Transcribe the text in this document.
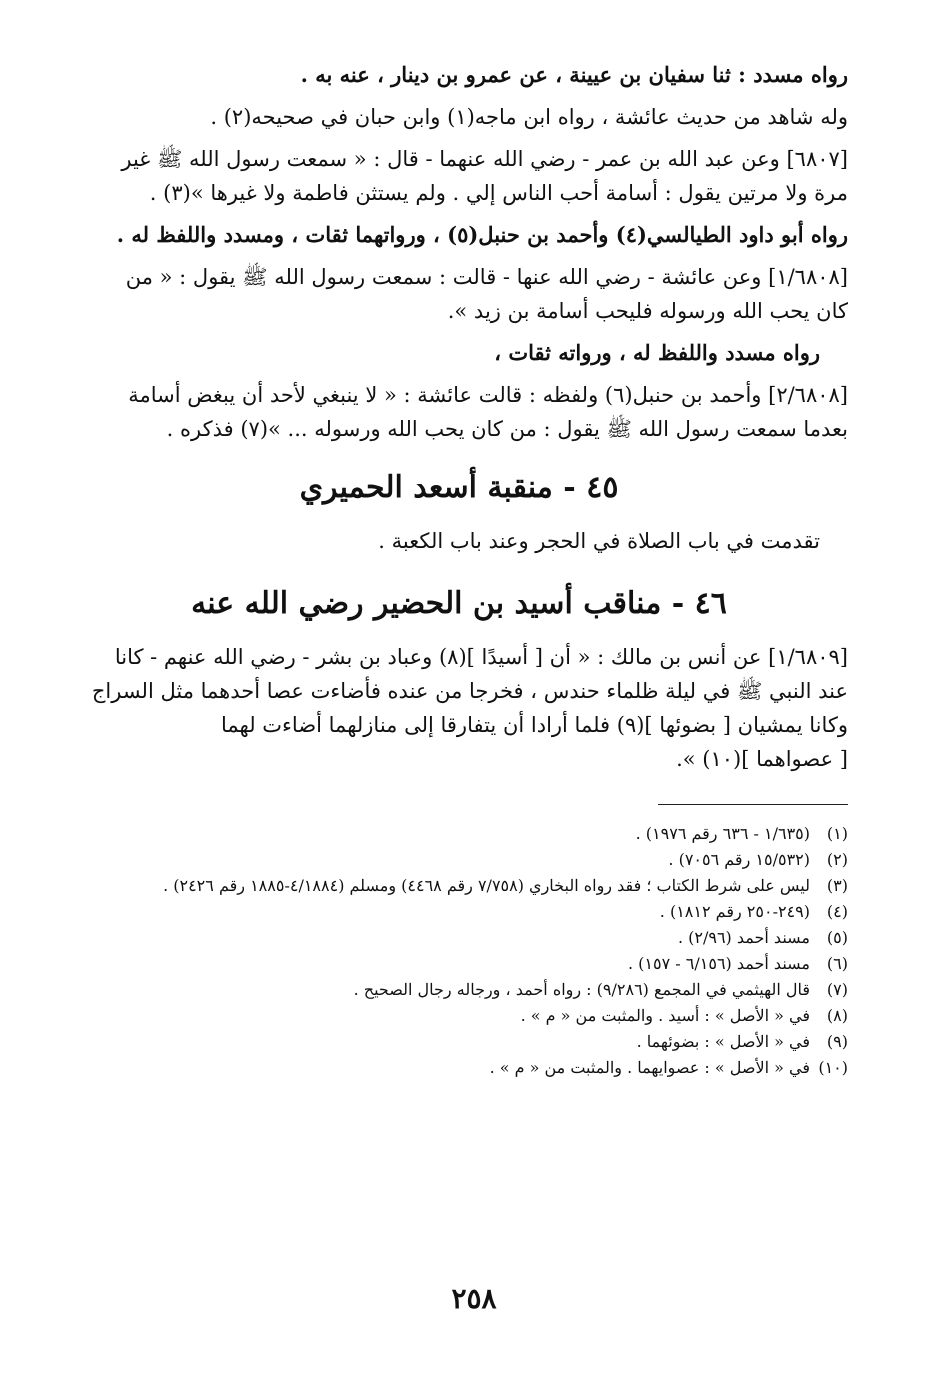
رواه مسدد : ثنا سفيان بن عيينة ، عن عمرو بن دينار ، عنه به .

وله شاهد من حديث عائشة ، رواه ابن ماجه(١) وابن حبان في صحيحه(٢) .

[٦٨٠٧] وعن عبد الله بن عمر - رضي الله عنهما - قال : « سمعت رسول الله ﷺ غير

مرة ولا مرتين يقول : أسامة أحب الناس إلي . ولم يستثن فاطمة ولا غيرها »(٣) .

رواه أبو داود الطيالسي(٤) وأحمد بن حنبل(٥) ، ورواتهما ثقات ، ومسدد واللفظ له .

[١/٦٨٠٨] وعن عائشة - رضي الله عنها - قالت : سمعت رسول الله ﷺ يقول : « من

كان يحب الله ورسوله فليحب أسامة بن زيد ».

رواه مسدد واللفظ له ، ورواته ثقات ،

[٢/٦٨٠٨] وأحمد بن حنبل(٦) ولفظه : قالت عائشة : « لا ينبغي لأحد أن يبغض أسامة

بعدما سمعت رسول الله ﷺ يقول : من كان يحب الله ورسوله ... »(٧) فذكره .

٤٥ - منقبة أسعد الحميري

تقدمت في باب الصلاة في الحجر وعند باب الكعبة .

٤٦ - مناقب أسيد بن الحضير رضي الله عنه

[١/٦٨٠٩] عن أنس بن مالك : « أن [ أسيدًا ](٨) وعباد بن بشر - رضي الله عنهم - كانا

عند النبي ﷺ في ليلة ظلماء حندس ، فخرجا من عنده فأضاءت عصا أحدهما مثل السراج

وكانا يمشيان [ بضوئها ](٩) فلما أرادا أن يتفارقا إلى منازلهما أضاءت لهما

[ عصواهما ](١٠) ».

(١)
(١/٦٣٥ - ٦٣٦ رقم ١٩٧٦) .
(٢)
(١٥/٥٣٢ رقم ٧٠٥٦) .
(٣)
ليس على شرط الكتاب ؛ فقد رواه البخاري (٧/٧٥٨ رقم ٤٤٦٨) ومسلم (٤/١٨٨٤-١٨٨٥ رقم ٢٤٢٦) .
(٤)
(٢٤٩-٢٥٠ رقم ١٨١٢) .
(٥)
مسند أحمد (٢/٩٦) .
(٦)
مسند أحمد (٦/١٥٦ - ١٥٧) .
(٧)
قال الهيثمي في المجمع (٩/٢٨٦) : رواه أحمد ، ورجاله رجال الصحيح .
(٨)
في « الأصل » : أسيد . والمثبت من « م » .
(٩)
في « الأصل » : بضوئهما .
(١٠)
في « الأصل » : عصوايهما . والمثبت من « م » .
٢٥٨
